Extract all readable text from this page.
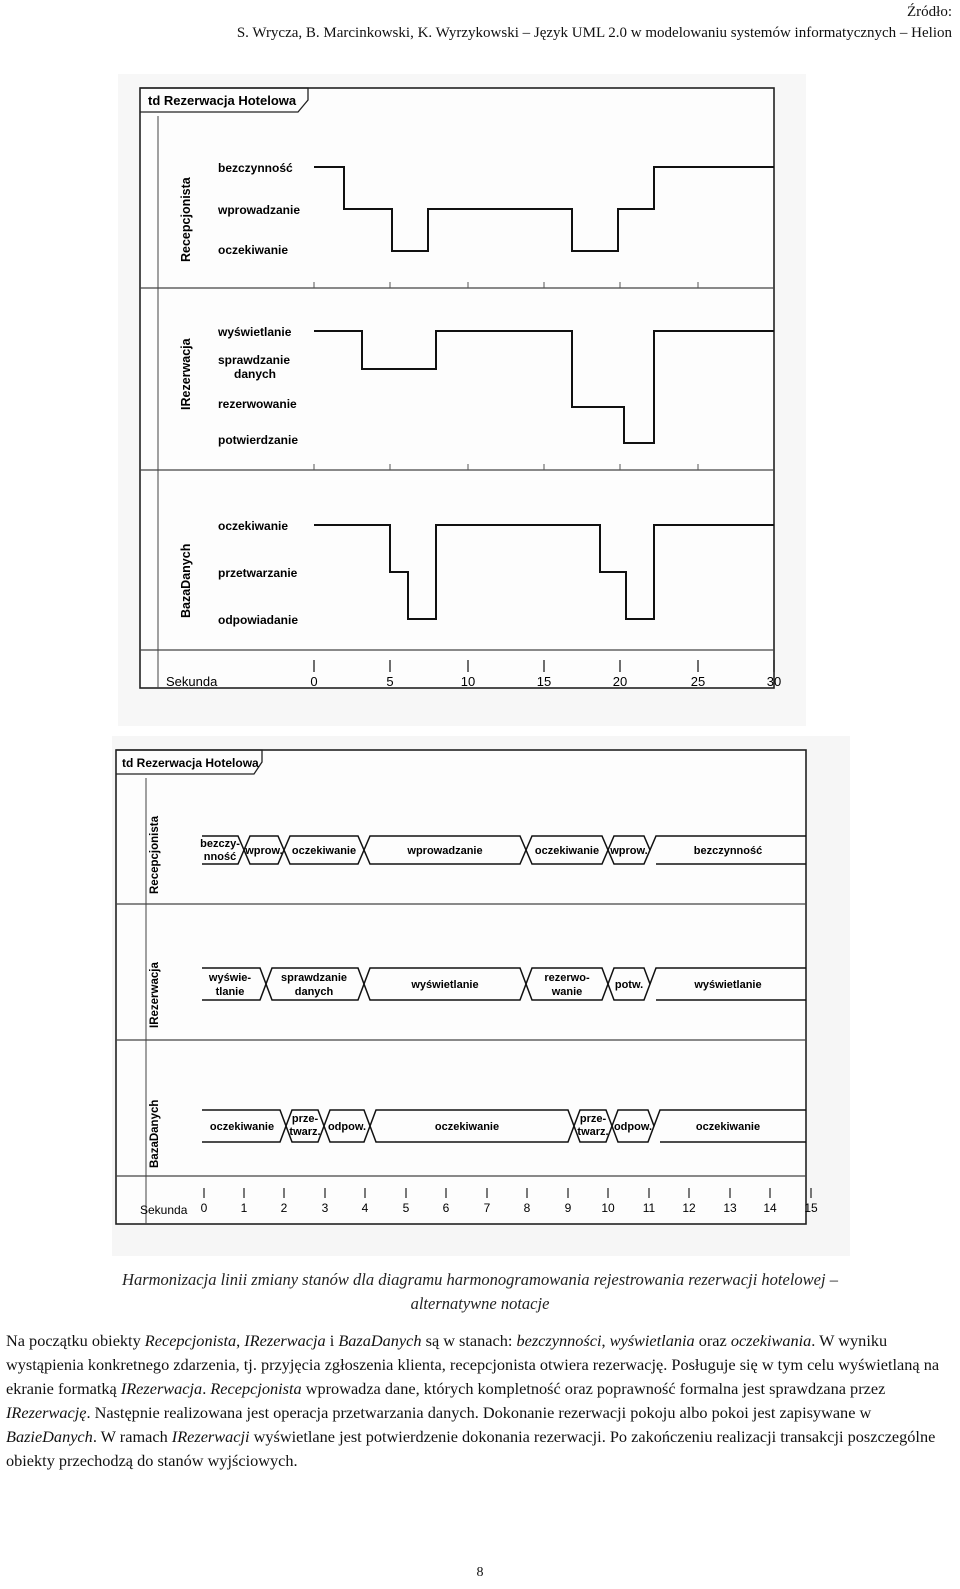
Źródło:
S. Wrycza, B. Marcinkowski, K. Wyrzykowski – Język UML 2.0 w modelowaniu systemów informatycznych – Helion
td Rezerwacja Hotelowa
Recepcjonista
IRezerwacja
BazaDanych
bezczynność
wprowadzanie
oczekiwanie
wyświetlanie
sprawdzanie
danych
rezerwowanie
potwierdzanie
oczekiwanie
przetwarzanie
odpowiadanie
Sekunda	0	5	10	15	20	25	30
td Rezerwacja Hotelowa
Recepcjonista
IRezerwacja
BazaDanych
bezczy-
nność wprow. oczekiwanie	wprowadzanie	oczekiwanie wprow.	bezczynność
wyświe-
tlanie
sprawdzanie
danych
wyświetlanie
rezerwo-
wanie
potw.	wyświetlanie
oczekiwanie
prze-
twarz. odpow.	oczekiwanie
prze-
twarz. odpow.	oczekiwanie
Sekunda 0	1	2	3	4	5	6	7	8	9 10 11 12 13 14 15
Harmonizacja linii zmiany stanów dla diagramu harmonogramowania rejestrowania rezerwacji hotelowej –
alternatywne notacje
Na początku obiekty Recepcjonista, IRezerwacja i BazaDanych są w stanach: bezczynności, wyświetlania oraz oczekiwania. W wyniku wystąpienia konkretnego zdarzenia, tj. przyjęcia zgłoszenia klienta, recepcjonista otwiera rezerwację. Posługuje się w tym celu wyświetlaną na ekranie formatką IRezerwacja. Recepcjonista wprowadza dane, których kompletność oraz poprawność formalna jest sprawdzana przez IRezerwację. Następnie realizowana jest operacja przetwarzania danych. Dokonanie rezerwacji pokoju albo pokoi jest zapisywane w BazieDanych. W ramach IRezerwacji wyświetlane jest potwierdzenie dokonania rezerwacji. Po zakończeniu realizacji transakcji poszczególne obiekty przechodzą do stanów wyjściowych.
8
